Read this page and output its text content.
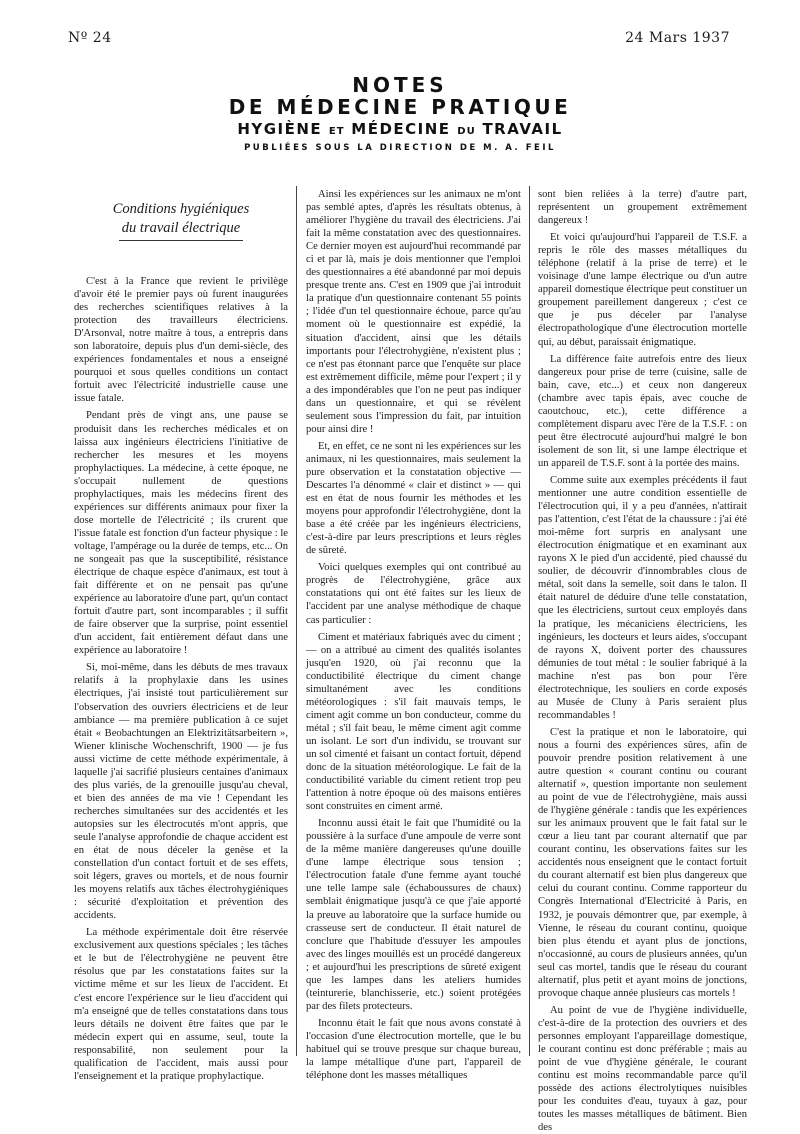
Nº 24	24 Mars 1937
NOTES
DE MÉDECINE PRATIQUE
HYGIÈNE ET MÉDECINE DU TRAVAIL
PUBLIÉES SOUS LA DIRECTION DE M. A. FEIL
Conditions hygiéniques
du travail électrique

C'est à la France que revient le privilège d'avoir été le premier pays où furent inaugurées des recherches scientifiques relatives à la protection des travailleurs électriciens. D'Arsonval, notre maître à tous, a entrepris dans son laboratoire, depuis plus d'un demi-siècle, des expériences fondamentales et nous a enseigné pourquoi et sous quelles conditions un contact fortuit avec l'électricité industrielle cause une issue fatale.

Pendant près de vingt ans, une pause se produisit dans les recherches médicales et on laissa aux ingénieurs électriciens l'initiative de rechercher les mesures et les moyens prophylactiques. La médecine, à cette époque, ne s'occupait nullement de questions prophylactiques, mais les médecins firent des expériences sur différents animaux pour fixer la dose mortelle de l'électricité ; ils crurent que l'issue fatale est fonction d'un facteur physique : le voltage, l'ampérage ou la durée de temps, etc... On ne songeait pas que la susceptibilité, résistance électrique de chaque espèce d'animaux, est tout à fait différente et on ne pensait pas qu'une expérience au laboratoire d'une part, qu'un contact fortuit d'autre part, sont incomparables ; il suffit de faire observer que la surprise, point essentiel d'un accident, fait entièrement défaut dans une expérience au laboratoire !

Si, moi-même, dans les débuts de mes travaux relatifs à la prophylaxie dans les usines électriques, j'ai insisté tout particulièrement sur l'observation des ouvriers électriciens et de leur ambiance — ma première publication à ce sujet était « Beobachtungen an Elektrizitätsarbeitern », Wiener klinische Wochenschrift, 1900 — je fus aussi victime de cette méthode expérimentale, à laquelle j'ai sacrifié plusieurs centaines d'animaux des plus variés, de la grenouille jusqu'au cheval, et bien des années de ma vie ! Cependant les recherches simultanées sur des accidentés et les autopsies sur les électrocutés m'ont appris, que seule l'analyse approfondie de chaque accident est en état de nous déceler la genèse et la constellation d'un contact fortuit et de ses effets, soit légers, graves ou mortels, et de nous fournir les moyens relatifs aux tâches électrohygiéniques : sécurité d'exploitation et prévention des accidents.

La méthode expérimentale doit être réservée exclusivement aux questions spéciales ; les tâches et le but de l'électrohygiène ne peuvent être résolus que par les constatations faites sur la victime même et sur les lieux de l'accident. Et c'est encore l'expérience sur le lieu d'accident qui m'a enseigné que de telles constatations dans tous leurs détails ne doivent être faites que par le médecin expert qui en assume, seul, toute la responsabilité, non seulement pour la qualification de l'accident, mais aussi pour l'enseignement et la pratique prophylactique.

Ainsi les expériences sur les animaux ne m'ont pas semblé aptes, d'après les résultats obtenus, à améliorer l'hygiène du travail des électriciens. J'ai fait la même constatation avec des questionnaires. Ce dernier moyen est aujourd'hui recommandé par ci et par là, mais je dois mentionner que l'emploi des questionnaires a été abandonné par moi depuis presque trente ans. C'est en 1909 que j'ai introduit la pratique d'un questionnaire contenant 55 points ; l'idée d'un tel questionnaire échoue, parce qu'au moment où le questionnaire est expédié, la situation d'accident, ainsi que les détails importants pour l'électrohygiène, n'existent plus ; ce n'est pas étonnant parce que l'enquête sur place est extrêmement difficile, même pour l'expert ; il y a des impondérables que l'on ne peut pas indiquer dans un questionnaire, et qui se révèlent seulement sous l'impression du fait, par intuition pour ainsi dire !

Et, en effet, ce ne sont ni les expériences sur les animaux, ni les questionnaires, mais seulement la pure observation et la constatation objective — Descartes l'a dénommé « clair et distinct » — qui est en état de nous fournir les méthodes et les moyens pour approfondir l'électrohygiène, dont la base a été créée par les ingénieurs électriciens, c'est-à-dire par leurs prescriptions et leurs règles de sûreté.

Voici quelques exemples qui ont contribué au progrès de l'électrohygiène, grâce aux constatations qui ont été faites sur les lieux de l'accident par une analyse méthodique de chaque cas particulier :

Ciment et matériaux fabriqués avec du ciment ; — on a attribué au ciment des qualités isolantes jusqu'en 1920, où j'ai reconnu que la conductibilité électrique du ciment change simultanément avec les conditions météorologiques : s'il fait mauvais temps, le ciment agit comme un bon conducteur, comme du métal ; s'il fait beau, le même ciment agit comme un isolant. Le sort d'un individu, se trouvant sur un sol cimenté et faisant un contact fortuit, dépend donc de la situation météorologique. Le fait de la conductibilité variable du ciment retient trop peu l'attention à notre époque où des maisons entières sont construites en ciment armé.

Inconnu aussi était le fait que l'humidité ou la poussière à la surface d'une ampoule de verre sont de la même manière dangereuses qu'une douille d'une lampe électrique sous tension ; l'électrocution fatale d'une femme ayant touché une telle lampe sale (échaboussures de chaux) semblait énigmatique jusqu'à ce que j'aie apporté la preuve au laboratoire que la surface humide ou crasseuse sert de conducteur. Il était naturel de conclure que l'habitude d'essuyer les ampoules avec des linges mouillés est un procédé dangereux ; et aujourd'hui les prescriptions de sûreté exigent que les lampes dans les ateliers humides (teinturerie, blanchisserie, etc.) soient protégées par des filets protecteurs.

Inconnu était le fait que nous avons constaté à l'occasion d'une électrocution mortelle, que le bu habituel qui se trouve presque sur chaque bureau, la lampe métallique d'une part, l'appareil de téléphone dont les masses métalliques

sont bien reliées à la terre) d'autre part, représentent un groupement extrêmement dangereux !

Et voici qu'aujourd'hui l'appareil de T.S.F. a repris le rôle des masses métalliques du téléphone (relatif à la prise de terre) et le voisinage d'une lampe électrique ou d'un autre appareil domestique électrique peut constituer un groupement pareillement dangereux ; c'est ce que je pus déceler par l'analyse électropathologique d'une électrocution mortelle qui, au début, paraissait énigmatique.

La différence faite autrefois entre des lieux dangereux pour prise de terre (cuisine, salle de bain, cave, etc...) et ceux non dangereux (chambre avec tapis épais, avec couche de caoutchouc, etc.), cette différence a complètement disparu avec l'ère de la T.S.F. : on peut être électrocuté aujourd'hui malgré le bon isolement de son lit, si une lampe électrique et un appareil de T.S.F. sont à la portée des mains.

Comme suite aux exemples précédents il faut mentionner une autre condition essentielle de l'électrocution qui, il y a peu d'années, n'attirait pas l'attention, c'est l'état de la chaussure : j'ai été moi-même fort surpris en analysant une électrocution énigmatique et en examinant aux rayons X le pied d'un accidenté, pied chaussé du soulier, de découvrir d'innombrables clous de métal, soit dans la semelle, soit dans le talon. Il était naturel de déduire d'une telle constatation, que les électriciens, surtout ceux employés dans la pratique, les mécaniciens électriciens, les ingénieurs, les docteurs et leurs aides, s'occupant de rayons X, doivent porter des chaussures démunies de tout métal : le soulier fabriqué à la machine n'est pas bon pour l'ère électrotechnique, les souliers en corde exposés au Musée de Cluny à Paris seraient plus recommandables !

C'est la pratique et non le laboratoire, qui nous a fourni des expériences sûres, afin de pouvoir prendre position relativement à une autre question « courant continu ou courant alternatif », question importante non seulement au point de vue de l'électrohygiène, mais aussi de l'hygiène générale : tandis que les expériences sur les animaux prouvent que le fait fatal sur le cœur a lieu tant par courant alternatif que par courant continu, les observations faites sur les accidentés nous enseignent que le contact fortuit du courant alternatif est bien plus dangereux que celui du courant continu. Comme rapporteur du Congrès International d'Electricité à Paris, en 1932, je pouvais démontrer que, par exemple, à Vienne, le réseau du courant continu, quoique bien plus étendu et ayant plus de jonctions, n'occasionné, au cours de plusieurs années, qu'un seul cas mortel, tandis que le réseau du courant alternatif, plus petit et ayant moins de jonctions, provoque chaque année plusieurs cas mortels !

Au point de vue de l'hygiène individuelle, c'est-à-dire de la protection des ouvriers et des personnes employant l'appareillage domestique, le courant continu est donc préférable ; mais au point de vue d'hygiène générale, le courant continu est moins recommandable parce qu'il possède des actions électrolytiques nuisibles pour les conduites d'eau, tuyaux à gaz, pour toutes les masses métalliques de bâtiment. Bien des
